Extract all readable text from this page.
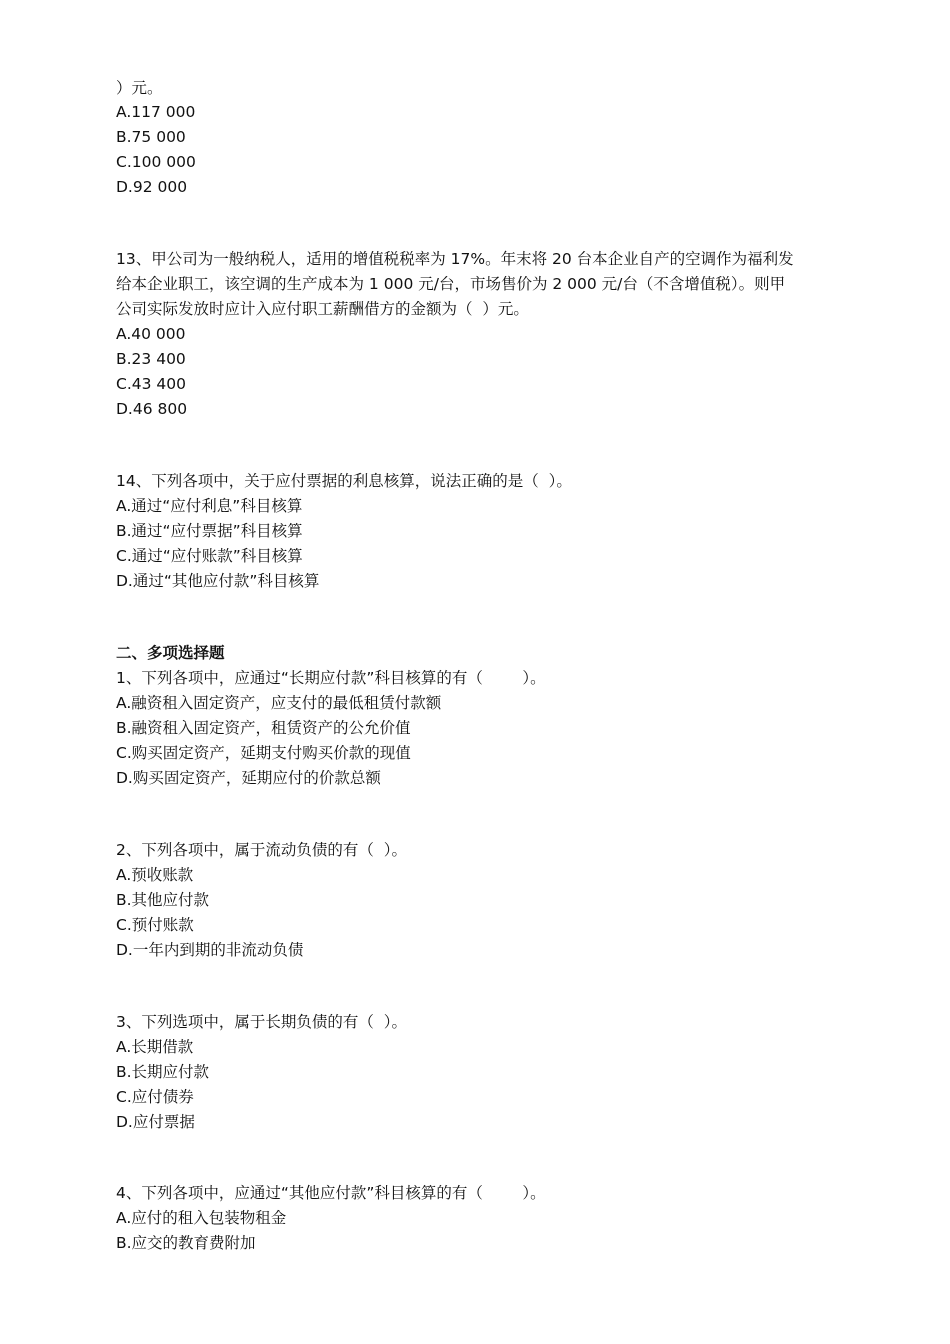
）元。
A.117 000
B.75 000
C.100 000
D.92 000
13、甲公司为一般纳税人，适用的增值税税率为 17%。年末将 20 台本企业自产的空调作为福利发
给本企业职工，该空调的生产成本为 1 000 元/台，市场售价为 2 000 元/台（不含增值税）。则甲
公司实际发放时应计入应付职工薪酬借方的金额为（  ）元。
A.40 000
B.23 400
C.43 400
D.46 800
14、下列各项中，关于应付票据的利息核算，说法正确的是（  ）。
A.通过“应付利息”科目核算
B.通过“应付票据”科目核算
C.通过“应付账款”科目核算
D.通过“其他应付款”科目核算
二、多项选择题
1、下列各项中，应通过“长期应付款”科目核算的有（        ）。
A.融资租入固定资产，应支付的最低租赁付款额
B.融资租入固定资产，租赁资产的公允价值
C.购买固定资产，延期支付购买价款的现值
D.购买固定资产，延期应付的价款总额
2、下列各项中，属于流动负债的有（  ）。
A.预收账款
B.其他应付款
C.预付账款
D.一年内到期的非流动负债
3、下列选项中，属于长期负债的有（  ）。
A.长期借款
B.长期应付款
C.应付债券
D.应付票据
4、下列各项中，应通过“其他应付款”科目核算的有（        ）。
A.应付的租入包装物租金
B.应交的教育费附加
